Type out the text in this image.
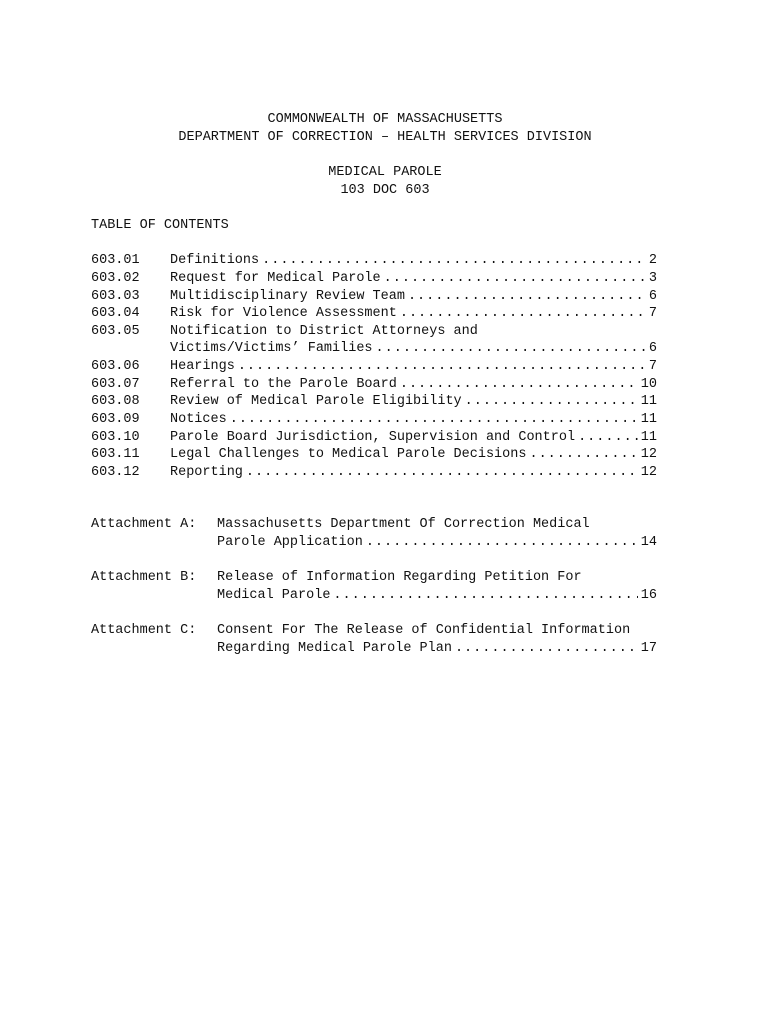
COMMONWEALTH OF MASSACHUSETTS
DEPARTMENT OF CORRECTION – HEALTH SERVICES DIVISION
MEDICAL PAROLE
103 DOC 603
TABLE OF CONTENTS
603.01 Definitions .....	2
603.02 Request for Medical Parole .....	3
603.03 Multidisciplinary Review Team .....	6
603.04 Risk for Violence Assessment .....	7
603.05 Notification to District Attorneys and
Victims/Victims’ Families .....	6
603.06 Hearings .....	7
603.07 Referral to the Parole Board .....	10
603.08 Review of Medical Parole Eligibility .....	11
603.09 Notices .....	11
603.10 Parole Board Jurisdiction, Supervision and Control .....	11
603.11 Legal Challenges to Medical Parole Decisions .....	12
603.12 Reporting .....	12
Attachment A: Massachusetts Department Of Correction Medical
Parole Application .....	14
Attachment B: Release of Information Regarding Petition For
Medical Parole .....	16
Attachment C: Consent For The Release of Confidential Information
Regarding Medical Parole Plan .....	17
